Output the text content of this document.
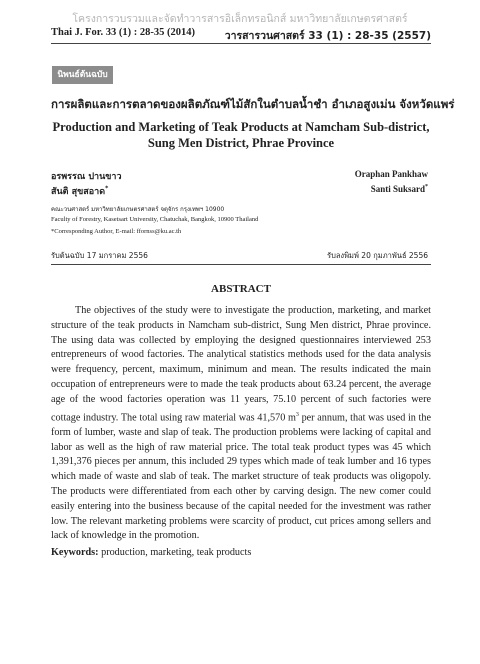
โครงการวบรวมและจัดทำวารสารอิเล็กทรอนิกส์ มหาวิทยาลัยเกษตรศาสตร์
Thai J. For. 33 (1) : 28-35 (2014)	วารสารวนศาสตร์ 33 (1) : 28-35 (2557)
นิพนธ์ต้นฉบับ
การผลิตและการตลาดของผลิตภัณฑ์ไม้สักในตำบลน้ำชำ อำเภอสูงเม่น จังหวัดแพร่
Production and Marketing of Teak Products at Namcham Sub-district,
Sung Men District, Phrae Province
อรพรรณ ปานขาว	Oraphan Pankhaw
สันติ สุขสอาด*	Santi Suksard*
คณะวนศาสตร์ มหาวิทยาลัยเกษตรศาสตร์ จตุจักร กรุงเทพฯ 10900
Faculty of Forestry, Kasetsart University, Chatuchak, Bangkok, 10900 Thailand
*Corresponding Author, E-mail: ffornss@ku.ac.th
รับต้นฉบับ 17 มกราคม 2556	รับลงพิมพ์ 20 กุมภาพันธ์ 2556
ABSTRACT

The objectives of the study were to investigate the production, marketing, and market structure of the teak products in Namcham sub-district, Sung Men district, Phrae province. The using data was collected by employing the designed questionnaires interviewed 253 entrepreneurs of wood factories. The analytical statistics methods used for the data analysis were frequency, percent, maximum, minimum and mean. The results indicated the main occupation of entrepreneurs were to made the teak products about 63.24 percent, the average age of the wood factories operation was 11 years, 75.10 percent of such factories were cottage industry. The total using raw material was 41,570 $m^3$ per annum, that was used in the form of lumber, waste and slap of teak. The production problems were lacking of capital and labor as well as the high of raw material price. The total teak product types was 45 which 1,391,376 pieces per annum, this included 29 types which made of teak lumber and 16 types which made of waste and slab of teak. The market structure of teak products was oligopoly. The products were differentiated from each other by carving design. The new comer could easily entering into the business because of the capital needed for the investment was rather low. The relevant marketing problems were scarcity of product, cut prices among sellers and lack of knowledge in the promotion.

Keywords: production, marketing, teak products
